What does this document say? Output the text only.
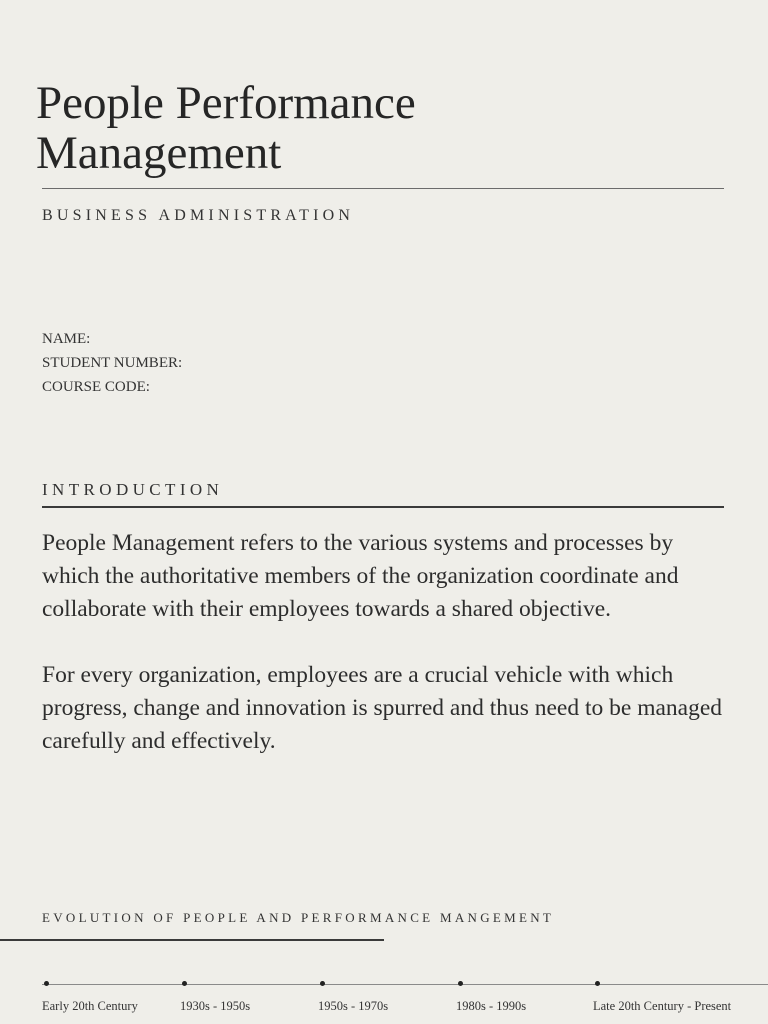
People Performance
Management
BUSINESS ADMINISTRATION
NAME:
STUDENT NUMBER:
COURSE CODE:
INTRODUCTION

People Management refers to the various systems and processes by which the authoritative members of the organization coordinate and collaborate with their employees towards a shared objective.

For every organization, employees are a crucial vehicle with which progress, change and innovation is spurred and thus need to be managed carefully and effectively.

EVOLUTION OF PEOPLE AND PERFORMANCE MANGEMENT
Early 20th Century	1930s - 1950s	1950s - 1970s	1980s - 1990s	Late 20th Century - Present
